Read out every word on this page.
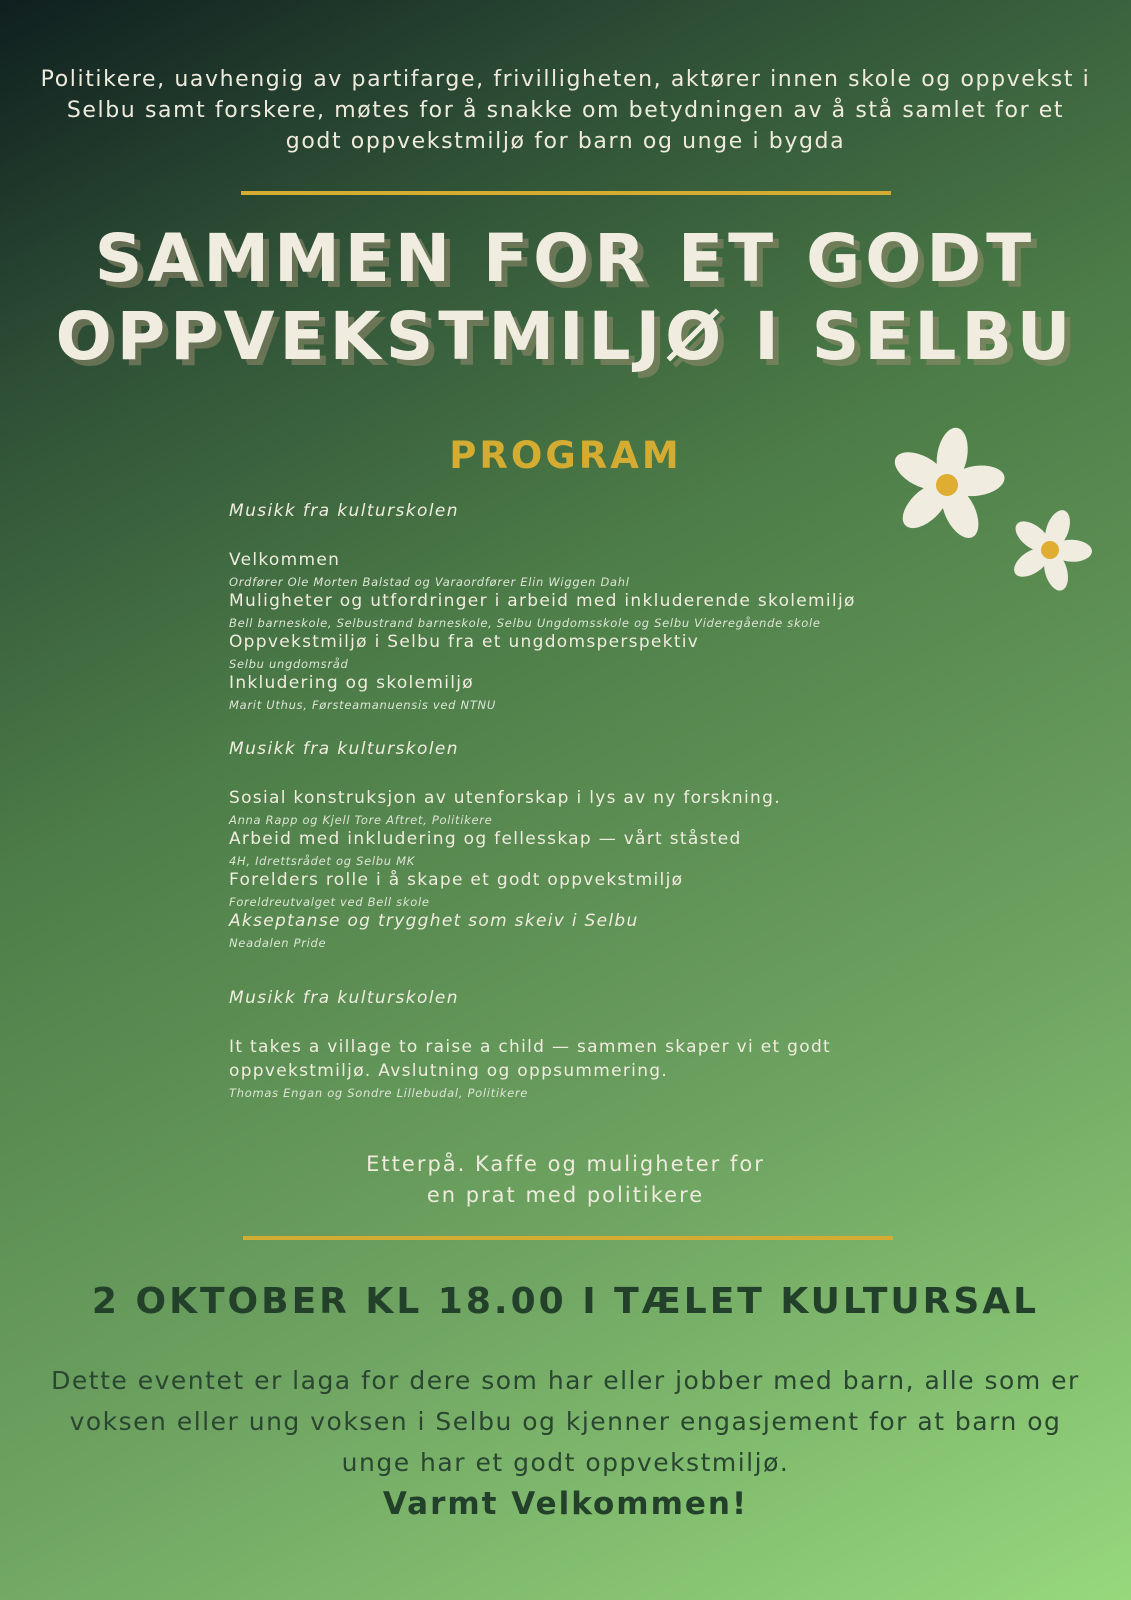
Politikere, uavhengig av partifarge, frivilligheten, aktører innen skole og oppvekst i Selbu samt forskere, møtes for å snakke om betydningen av å stå samlet for et godt oppvekstmiljø for barn og unge i bygda

SAMMEN FOR ET GODT
OPPVEKSTMILJØ I SELBU
PROGRAM
Musikk fra kulturskolen
Velkommen
Ordfører Ole Morten Balstad og Varaordfører Elin Wiggen Dahl
Muligheter og utfordringer i arbeid med inkluderende skolemiljø
Bell barneskole, Selbustrand barneskole, Selbu Ungdomsskole og Selbu Videregående skole
Oppvekstmiljø i Selbu fra et ungdomsperspektiv
Selbu ungdomsråd
Inkludering og skolemiljø
Marit Uthus, Førsteamanuensis ved NTNU
Musikk fra kulturskolen
Sosial konstruksjon av utenforskap i lys av ny forskning.
Anna Rapp og Kjell Tore Aftret, Politikere
Arbeid med inkludering og fellesskap — vårt ståsted
4H, Idrettsrådet og Selbu MK
Forelders rolle i å skape et godt oppvekstmiljø
Foreldreutvalget ved Bell skole
Akseptanse og trygghet som skeiv i Selbu
Neadalen Pride
Musikk fra kulturskolen
It takes a village to raise a child — sammen skaper vi et godt
oppvekstmiljø. Avslutning og oppsummering.
Thomas Engan og Sondre Lillebudal, Politikere
Etterpå. Kaffe og muligheter for
en prat med politikere
2 OKTOBER KL 18.00 I TÆLET KULTURSAL

Dette eventet er laga for dere som har eller jobber med barn, alle som er voksen eller ung voksen i Selbu og kjenner engasjement for at barn og unge har et godt oppvekstmiljø.

Varmt Velkommen!
